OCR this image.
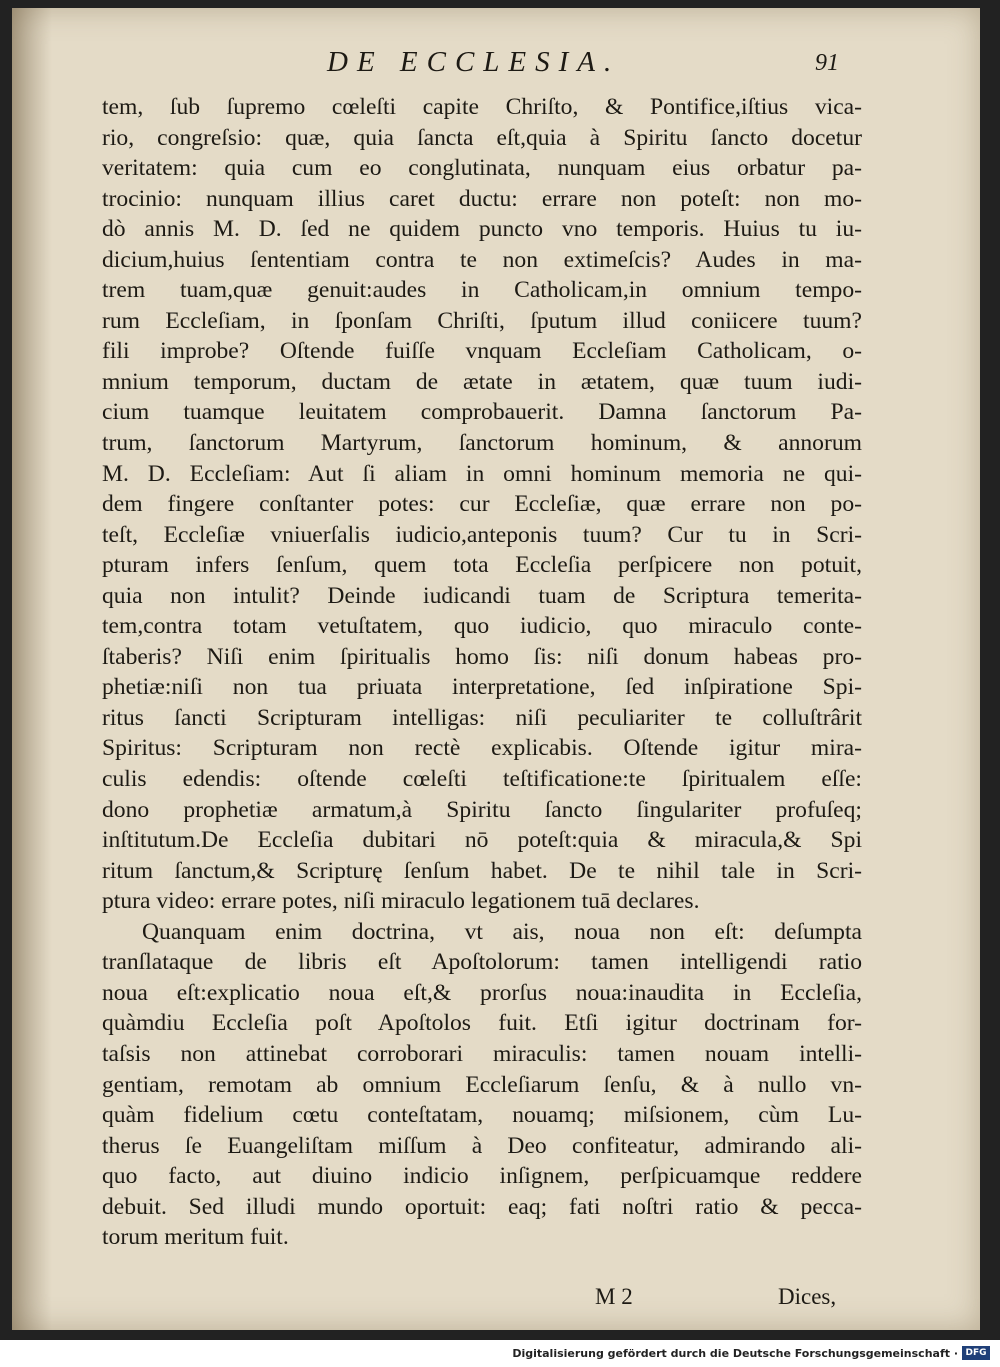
DE ECCLESIA.	91
tem, ſub ſupremo cœleſti capite Chriſto, & Pontifice,iſtius vica-
rio, congreſsio: quæ, quia ſancta eſt,quia à Spiritu ſancto docetur
veritatem: quia cum eo conglutinata, nunquam eius orbatur pa-
trocinio: nunquam illius caret ductu: errare non poteſt: non mo-
dò annis M. D. ſed ne quidem puncto vno temporis. Huius tu iu-
dicium,huius ſententiam contra te non extimeſcis? Audes in ma-
trem tuam,quæ genuit:audes in Catholicam,in omnium tempo-
rum Eccleſiam, in ſponſam Chriſti, ſputum illud coniicere tuum?
fili improbe? Oſtende fuiſſe vnquam Eccleſiam Catholicam, o-
mnium temporum, ductam de ætate in ætatem, quæ tuum iudi-
cium tuamque leuitatem comprobauerit. Damna ſanctorum Pa-
trum, ſanctorum Martyrum, ſanctorum hominum, & annorum
M. D. Eccleſiam: Aut ſi aliam in omni hominum memoria ne qui-
dem fingere conſtanter potes: cur Eccleſiæ, quæ errare non po-
teſt, Eccleſiæ vniuerſalis iudicio,anteponis tuum? Cur tu in Scri-
pturam infers ſenſum, quem tota Eccleſia perſpicere non potuit,
quia non intulit? Deinde iudicandi tuam de Scriptura temerita-
tem,contra totam vetuſtatem, quo iudicio, quo miraculo conte-
ſtaberis? Niſi enim ſpiritualis homo ſis: niſi donum habeas pro-
phetiæ:niſi non tua priuata interpretatione, ſed inſpiratione Spi-
ritus ſancti Scripturam intelligas: niſi peculiariter te colluſtrârit
Spiritus: Scripturam non rectè explicabis. Oſtende igitur mira-
culis edendis: oſtende cœleſti teſtificatione:te ſpiritualem eſſe:
dono prophetiæ armatum,à Spiritu ſancto ſingulariter profuſeq;
inſtitutum.De Eccleſia dubitari nō poteſt:quia & miracula,& Spi
ritum ſanctum,& Scripturę ſenſum habet. De te nihil tale in Scri-
ptura video: errare potes, niſi miraculo legationem tuā declares.
Quanquam enim doctrina, vt ais, noua non eſt: deſumpta
tranſlataque de libris eſt Apoſtolorum: tamen intelligendi ratio
noua eſt:explicatio noua eſt,& prorſus noua:inaudita in Eccleſia,
quàmdiu Eccleſia poſt Apoſtolos fuit. Etſi igitur doctrinam for-
taſsis non attinebat corroborari miraculis: tamen nouam intelli-
gentiam, remotam ab omnium Eccleſiarum ſenſu, & à nullo vn-
quàm fidelium cœtu conteſtatam, nouamq; miſsionem, cùm Lu-
therus ſe Euangeliſtam miſſum à Deo confiteatur, admirando ali-
quo facto, aut diuino indicio inſignem, perſpicuamque reddere
debuit. Sed illudi mundo oportuit: eaq; fati noſtri ratio & pecca-
torum meritum fuit.
M 2	Dices,
Digitalisierung gefördert durch die Deutsche Forschungsgemeinschaft · DFG
